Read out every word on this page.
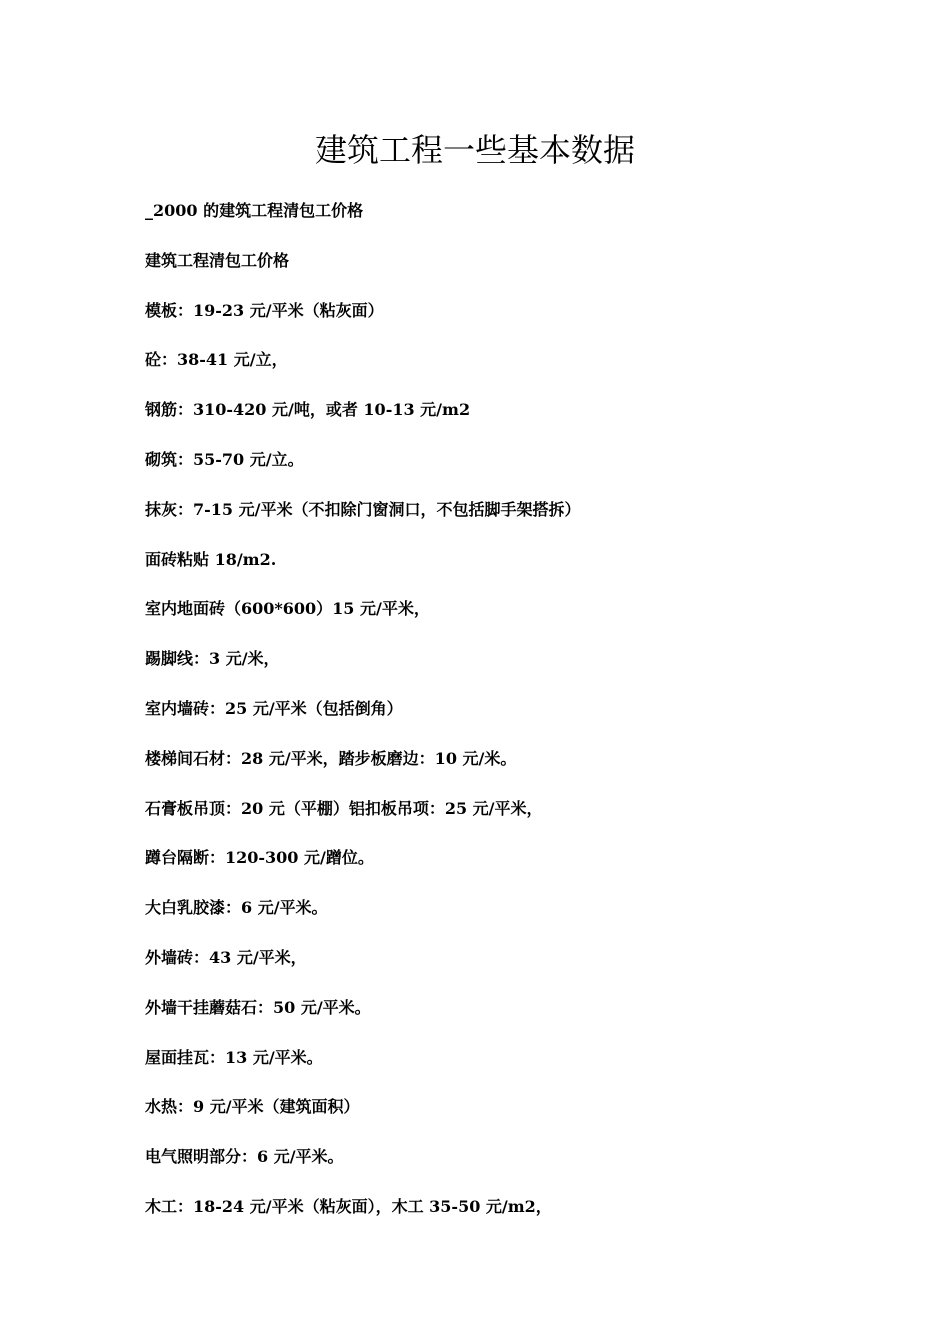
建筑工程一些基本数据
_2000 的建筑工程清包工价格
建筑工程清包工价格
模板：19-23 元/平米（粘灰面）
砼：38-41 元/立，
钢筋：310-420 元/吨，或者 10-13 元/m2
砌筑：55-70 元/立。
抹灰：7-15 元/平米（不扣除门窗洞口，不包括脚手架搭拆）
面砖粘贴 18/m2.
室内地面砖（600*600）15 元/平米，
踢脚线：3 元/米，
室内墙砖：25 元/平米（包括倒角）
楼梯间石材：28 元/平米，踏步板磨边：10 元/米。
石膏板吊顶：20 元（平棚）铝扣板吊项：25 元/平米，
蹲台隔断：120-300 元/蹭位。
大白乳胶漆：6 元/平米。
外墙砖：43 元/平米，
外墙干挂蘑菇石：50 元/平米。
屋面挂瓦：13 元/平米。
水热：9 元/平米（建筑面积）
电气照明部分：6 元/平米。
木工：18-24 元/平米（粘灰面），木工 35-50 元/m2，
